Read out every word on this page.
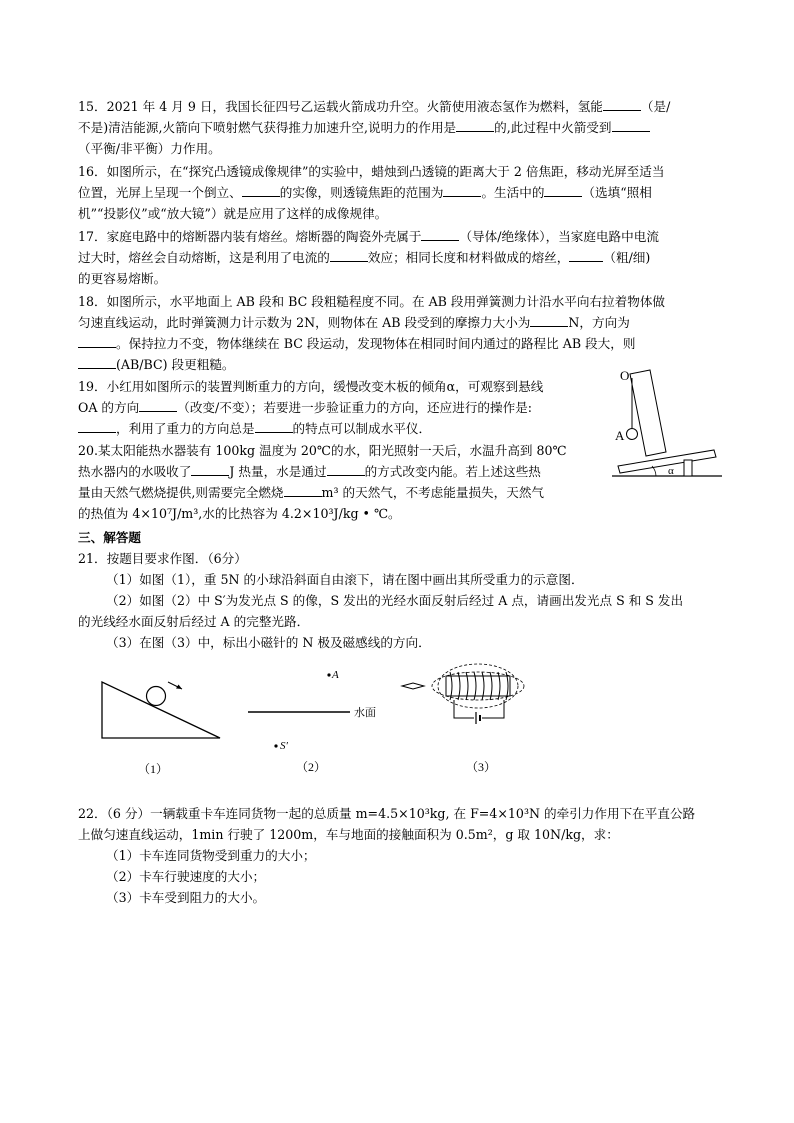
15．2021 年 4 月 9 日，我国长征四号乙运载火箭成功升空。火箭使用液态氢作为燃料，氢能	（是/
不是)清洁能源,火箭向下喷射燃气获得推力加速升空,说明力的作用是	的,此过程中火箭受到
（平衡/非平衡）力作用。
16．如图所示，在“探究凸透镜成像规律”的实验中，蜡烛到凸透镜的距离大于 2 倍焦距，移动光屏至适当
位置，光屏上呈现一个倒立、	的实像，则透镜焦距的范围为	。生活中的	（选填“照相
机”“投影仪”或“放大镜”）就是应用了这样的成像规律。
17．家庭电路中的熔断器内装有熔丝。熔断器的陶瓷外壳属于	（导体/绝缘体），当家庭电路中电流
过大时，熔丝会自动熔断，这是利用了电流的	效应；相同长度和材料做成的熔丝，	（粗/细)
的更容易熔断。
18．如图所示，水平地面上 AB 段和 BC 段粗糙程度不同。在 AB 段用弹簧测力计沿水平向右拉着物体做
匀速直线运动，此时弹簧测力计示数为 2N，则物体在 AB 段受到的摩擦力大小为	N，方向为
。保持拉力不变，物体继续在 BC 段运动，发现物体在相同时间内通过的路程比 AB 段大，则
(AB/BC) 段更粗糙。
19．小红用如图所示的装置判断重力的方向，缓慢改变木板的倾角α，可观察到悬线
OA 的方向	（改变/不变）；若要进一步验证重力的方向，还应进行的操作是:
，利用了重力的方向总是	的特点可以制成水平仪．
20.某太阳能热水器装有 100kg 温度为 20℃的水，阳光照射一天后，水温升高到 80℃
热水器内的水吸收了	J 热量，水是通过	的方式改变内能。若上述这些热
量由天然气燃烧提供,则需要完全燃烧	m³ 的天然气，不考虑能量损失，天然气
的热值为 4×10⁷J/m³,水的比热容为 4.2×10³J/kg • ℃。
O
A
α
三、解答题
21．按题目要求作图．（6分）
（1）如图（1），重 5N 的小球沿斜面自由滚下，请在图中画出其所受重力的示意图．
（2）如图（2）中 S′为发光点 S 的像，S 发出的光经水面反射后经过 A 点，请画出发光点 S 和 S 发出
的光线经水面反射后经过 A 的完整光路．
（3）在图（3）中，标出小磁针的 N 极及磁感线的方向．
（1）
A
水面
S′
（2）	（3）
22．（6 分）一辆载重卡车连同货物一起的总质量 m=4.5×10³kg, 在 F=4×10³N 的牵引力作用下在平直公路
上做匀速直线运动，1min 行驶了 1200m，车与地面的接触面积为 0.5m²，g 取 10N/kg，求：
（1）卡车连同货物受到重力的大小；
（2）卡车行驶速度的大小；
（3）卡车受到阻力的大小。
